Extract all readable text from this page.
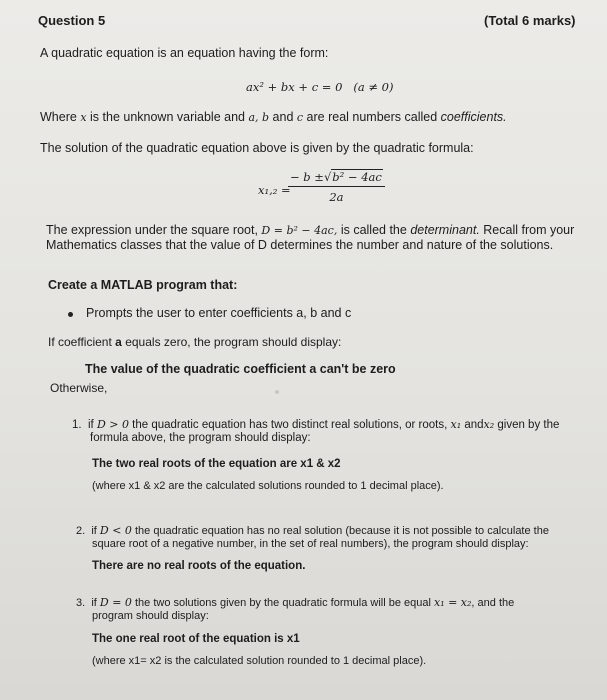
Question 5	(Total 6 marks)
A quadratic equation is an equation having the form:
ax² + bx + c = 0 (a ≠ 0)
Where x is the unknown variable and a, b and c are real numbers called coefficients.
The solution of the quadratic equation above is given by the quadratic formula:
x₁,₂ =
$\frac{\text{− b ±√b² − 4ac}}{2a}$
The expression under the square root, D = b² − 4ac, is called the determinant. Recall from your
Mathematics classes that the value of D determines the number and nature of the solutions.
Create a MATLAB program that:
Prompts the user to enter coefficients a, b and c
If coefficient a equals zero, the program should display:
The value of the quadratic coefficient a can't be zero
Otherwise,
1. if D > 0 the quadratic equation has two distinct real solutions, or roots, x₁ andx₂ given by the
formula above, the program should display:
The two real roots of the equation are x1 & x2
(where x1 & x2 are the calculated solutions rounded to 1 decimal place).
2. if D < 0 the quadratic equation has no real solution (because it is not possible to calculate the
square root of a negative number, in the set of real numbers), the program should display:
There are no real roots of the equation.
3. if D = 0 the two solutions given by the quadratic formula will be equal x₁ = x₂, and the
program should display:
The one real root of the equation is x1
(where x1= x2 is the calculated solution rounded to 1 decimal place).
